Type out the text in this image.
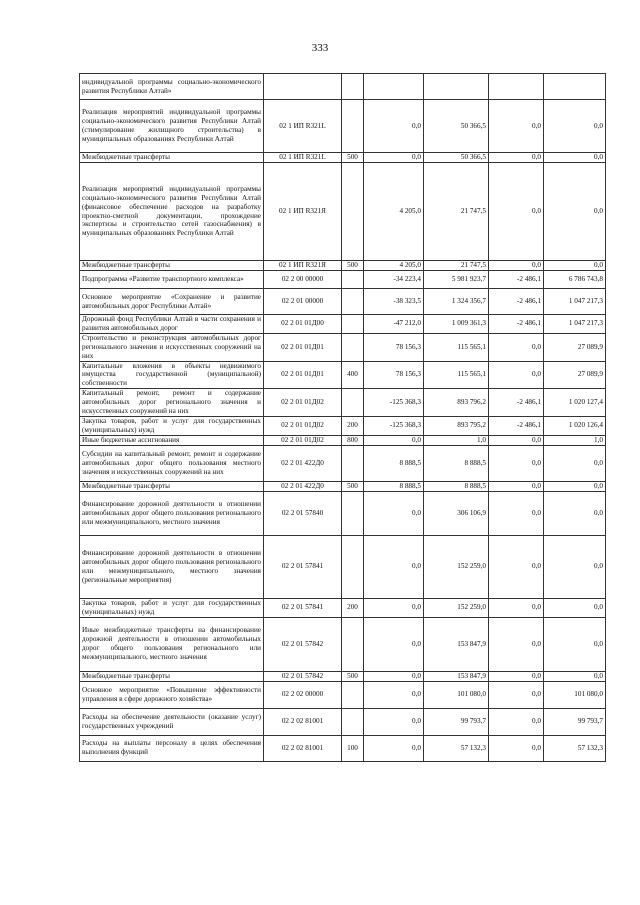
333
индивидуальной программы социально-экономического развития Республики Алтай»						
Реализация мероприятий индивидуальной программы социально-экономического развития Республики Алтай (стимулирование жилищного строительства) в муниципальных образованиях Республики Алтай	02 1 ИП R321L		0,0	50 366,5	0,0	0,0
Межбюджетные трансферты	02 1 ИП R321L	500	0,0	50 366,5	0,0	0,0
Реализация мероприятий индивидуальной программы социально-экономического развития Республики Алтай (финансовое обеспечение расходов на разработку проектно-сметной документации, прохождение экспертизы и строительство сетей газоснабжения) в муниципальных образованиях Республики Алтай	02 1 ИП R321Я		4 205,0	21 747,5	0,0	0,0
Межбюджетные трансферты	02 1 ИП R321Я	500	4 205,0	21 747,5	0,0	0,0
Подпрограмма «Развитие транспортного комплекса»	02 2 00 00000		-34 223,4	5 981 923,7	-2 486,1	6 786 743,8
Основное мероприятие «Сохранение и развитие автомобильных дорог Республики Алтай»	02 2 01 00000		-38 323,5	1 324 356,7	-2 486,1	1 047 217,3
Дорожный фонд Республики Алтай в части сохранения и развития автомобильных дорог	02 2 01 01Д00		-47 212,0	1 009 361,3	-2 486,1	1 047 217,3
Строительство и реконструкция автомобильных дорог регионального значения и искусственных сооружений на них	02 2 01 01Д01		78 156,3	115 565,1	0,0	27 089,9
Капитальные вложения в объекты недвижимого имущества государственной (муниципальной) собственности	02 2 01 01Д01	400	78 156,3	115 565,1	0,0	27 089,9
Капитальный ремонт, ремонт и содержание автомобильных дорог регионального значения и искусственных сооружений на них	02 2 01 01Д02		-125 368,3	893 796,2	-2 486,1	1 020 127,4
Закупка товаров, работ и услуг для государственных (муниципальных) нужд	02 2 01 01Д02	200	-125 368,3	893 795,2	-2 486,1	1 020 126,4
Иные бюджетные ассигнования	02 2 01 01Д02	800	0,0	1,0	0,0	1,0
Субсидии на капитальный ремонт, ремонт и содержание автомобильных дорог общего пользования местного значения и искусственных сооружений на них	02 2 01 422Д0		8 888,5	8 888,5	0,0	0,0
Межбюджетные трансферты	02 2 01 422Д0	500	8 888,5	8 888,5	0,0	0,0
Финансирование дорожной деятельности в отношении автомобильных дорог общего пользования регионального или межмуниципального, местного значения	02 2 01 57840		0,0	306 106,9	0,0	0,0
Финансирование дорожной деятельности в отношении автомобильных дорог общего пользования регионального или межмуниципального, местного значения (региональные мероприятия)	02 2 01 57841		0,0	152 259,0	0,0	0,0
Закупка товаров, работ и услуг для государственных (муниципальных) нужд	02 2 01 57841	200	0,0	152 259,0	0,0	0,0
Иные межбюджетные трансферты на финансирование дорожной деятельности в отношении автомобильных дорог общего пользования регионального или межмуниципального, местного значения	02 2 01 57842		0,0	153 847,9	0,0	0,0
Межбюджетные трансферты	02 2 01 57842	500	0,0	153 847,9	0,0	0,0
Основное мероприятие «Повышение эффективности управления в сфере дорожного хозяйства»	02 2 02 00000		0,0	101 080,0	0,0	101 080,0
Расходы на обеспечение деятельности (оказание услуг) государственных учреждений	02 2 02 81001		0,0	99 793,7	0,0	99 793,7
Расходы на выплаты персоналу в целях обеспечения выполнения функций	02 2 02 81001	100	0,0	57 132,3	0,0	57 132,3
